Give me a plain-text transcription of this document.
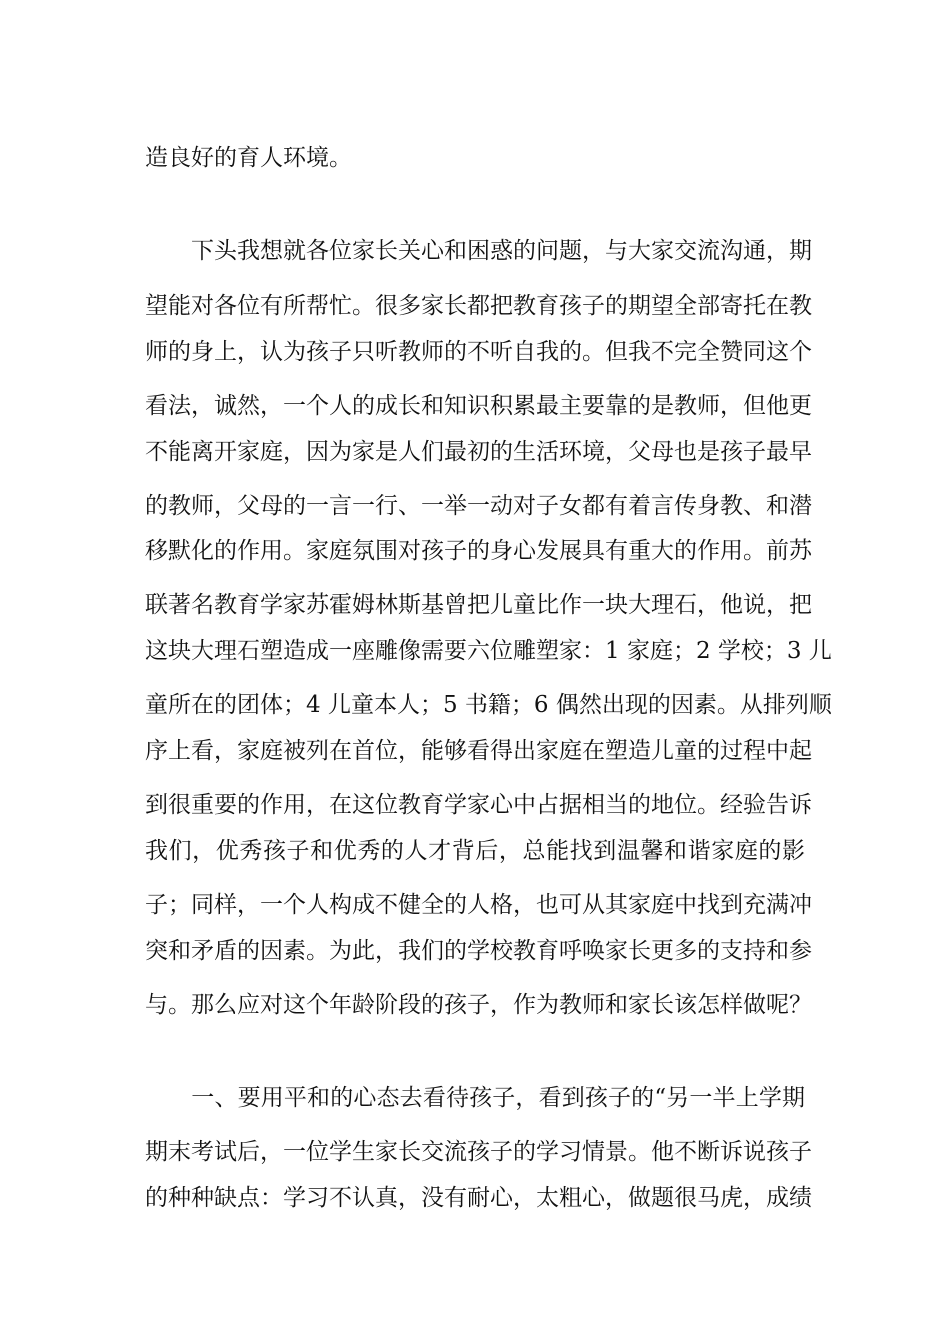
造良好的育人环境。
　　下头我想就各位家长关心和困惑的问题，与大家交流沟通，期
望能对各位有所帮忙。很多家长都把教育孩子的期望全部寄托在教
师的身上，认为孩子只听教师的不听自我的。但我不完全赞同这个
看法，诚然，一个人的成长和知识积累最主要靠的是教师，但他更
不能离开家庭，因为家是人们最初的生活环境，父母也是孩子最早
的教师，父母的一言一行、一举一动对子女都有着言传身教、和潜
移默化的作用。家庭氛围对孩子的身心发展具有重大的作用。前苏
联著名教育学家苏霍姆林斯基曾把儿童比作一块大理石，他说，把
这块大理石塑造成一座雕像需要六位雕塑家：1 家庭；2 学校；3 儿
童所在的团体；4 儿童本人；5 书籍；6 偶然出现的因素。从排列顺
序上看，家庭被列在首位，能够看得出家庭在塑造儿童的过程中起
到很重要的作用，在这位教育学家心中占据相当的地位。经验告诉
我们，优秀孩子和优秀的人才背后，总能找到温馨和谐家庭的影
子；同样，一个人构成不健全的人格，也可从其家庭中找到充满冲
突和矛盾的因素。为此，我们的学校教育呼唤家长更多的支持和参
与。那么应对这个年龄阶段的孩子，作为教师和家长该怎样做呢？
　　一、要用平和的心态去看待孩子，看到孩子的“另一半上学期
期末考试后，一位学生家长交流孩子的学习情景。他不断诉说孩子
的种种缺点：学习不认真，没有耐心，太粗心，做题很马虎，成绩
